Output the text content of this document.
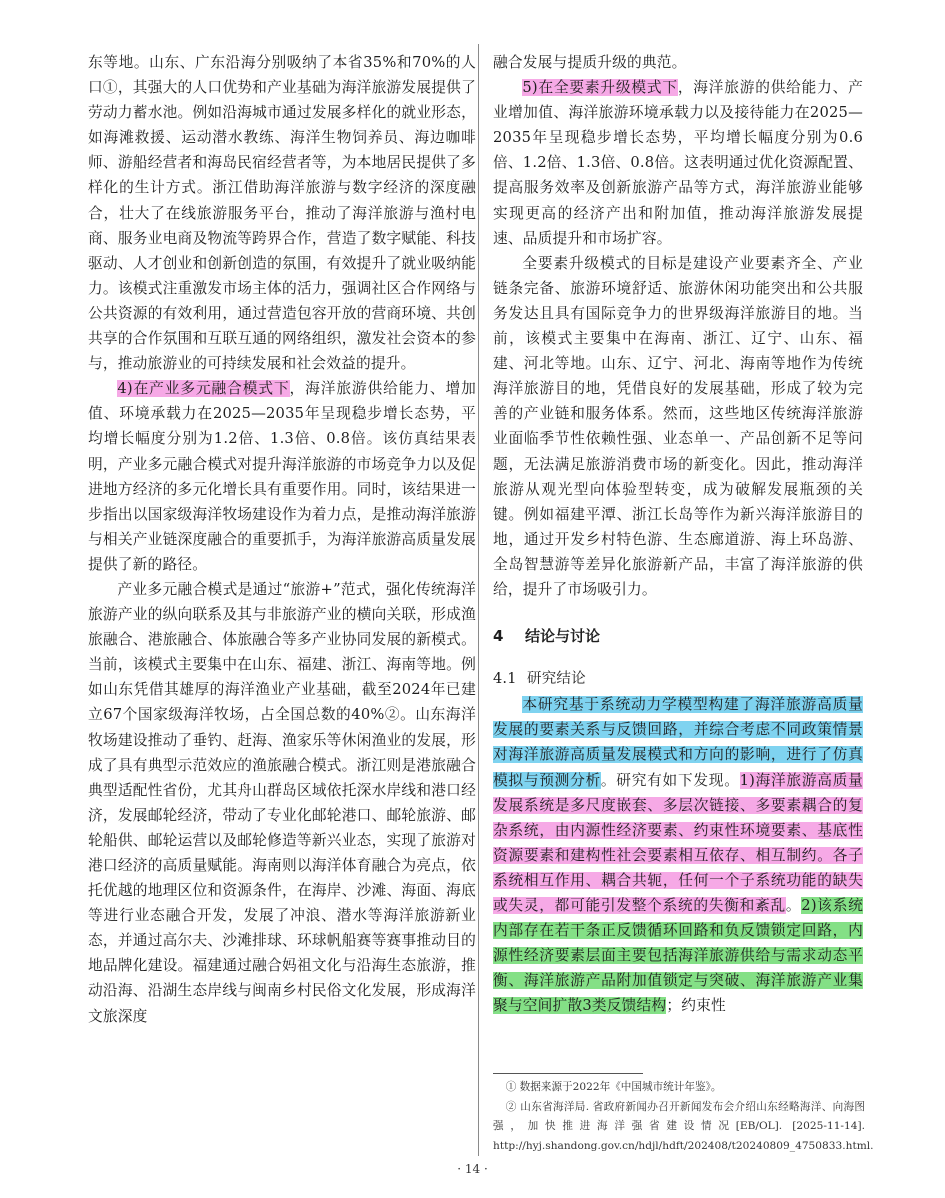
东等地。山东、广东沿海分别吸纳了本省35%和70%的人口①，其强大的人口优势和产业基础为海洋旅游发展提供了劳动力蓄水池。例如沿海城市通过发展多样化的就业形态，如海滩救援、运动潜水教练、海洋生物饲养员、海边咖啡师、游船经营者和海岛民宿经营者等，为本地居民提供了多样化的生计方式。浙江借助海洋旅游与数字经济的深度融合，壮大了在线旅游服务平台，推动了海洋旅游与渔村电商、服务业电商及物流等跨界合作，营造了数字赋能、科技驱动、人才创业和创新创造的氛围，有效提升了就业吸纳能力。该模式注重激发市场主体的活力，强调社区合作网络与公共资源的有效利用，通过营造包容开放的营商环境、共创共享的合作氛围和互联互通的网络组织，激发社会资本的参与，推动旅游业的可持续发展和社会效益的提升。

4)在产业多元融合模式下，海洋旅游供给能力、增加值、环境承载力在2025—2035年呈现稳步增长态势，平均增长幅度分别为1.2倍、1.3倍、0.8倍。该仿真结果表明，产业多元融合模式对提升海洋旅游的市场竞争力以及促进地方经济的多元化增长具有重要作用。同时，该结果进一步指出以国家级海洋牧场建设作为着力点，是推动海洋旅游与相关产业链深度融合的重要抓手，为海洋旅游高质量发展提供了新的路径。

产业多元融合模式是通过“旅游+”范式，强化传统海洋旅游产业的纵向联系及其与非旅游产业的横向关联，形成渔旅融合、港旅融合、体旅融合等多产业协同发展的新模式。当前，该模式主要集中在山东、福建、浙江、海南等地。例如山东凭借其雄厚的海洋渔业产业基础，截至2024年已建立67个国家级海洋牧场，占全国总数的40%②。山东海洋牧场建设推动了垂钓、赶海、渔家乐等休闲渔业的发展，形成了具有典型示范效应的渔旅融合模式。浙江则是港旅融合典型适配性省份，尤其舟山群岛区域依托深水岸线和港口经济，发展邮轮经济，带动了专业化邮轮港口、邮轮旅游、邮轮船供、邮轮运营以及邮轮修造等新兴业态，实现了旅游对港口经济的高质量赋能。海南则以海洋体育融合为亮点，依托优越的地理区位和资源条件，在海岸、沙滩、海面、海底等进行业态融合开发，发展了冲浪、潜水等海洋旅游新业态，并通过高尔夫、沙滩排球、环球帆船赛等赛事推动目的地品牌化建设。福建通过融合妈祖文化与沿海生态旅游，推动沿海、沿湖生态岸线与闽南乡村民俗文化发展，形成海洋文旅深度

融合发展与提质升级的典范。

5)在全要素升级模式下，海洋旅游的供给能力、产业增加值、海洋旅游环境承载力以及接待能力在2025—2035年呈现稳步增长态势，平均增长幅度分别为0.6倍、1.2倍、1.3倍、0.8倍。这表明通过优化资源配置、提高服务效率及创新旅游产品等方式，海洋旅游业能够实现更高的经济产出和附加值，推动海洋旅游发展提速、品质提升和市场扩容。

全要素升级模式的目标是建设产业要素齐全、产业链条完备、旅游环境舒适、旅游休闲功能突出和公共服务发达且具有国际竞争力的世界级海洋旅游目的地。当前，该模式主要集中在海南、浙江、辽宁、山东、福建、河北等地。山东、辽宁、河北、海南等地作为传统海洋旅游目的地，凭借良好的发展基础，形成了较为完善的产业链和服务体系。然而，这些地区传统海洋旅游业面临季节性依赖性强、业态单一、产品创新不足等问题，无法满足旅游消费市场的新变化。因此，推动海洋旅游从观光型向体验型转变，成为破解发展瓶颈的关键。例如福建平潭、浙江长岛等作为新兴海洋旅游目的地，通过开发乡村特色游、生态廊道游、海上环岛游、全岛智慧游等差异化旅游新产品，丰富了海洋旅游的供给，提升了市场吸引力。

4 结论与讨论
4.1 研究结论

本研究基于系统动力学模型构建了海洋旅游高质量发展的要素关系与反馈回路，并综合考虑不同政策情景对海洋旅游高质量发展模式和方向的影响，进行了仿真模拟与预测分析。研究有如下发现。1)海洋旅游高质量发展系统是多尺度嵌套、多层次链接、多要素耦合的复杂系统，由内源性经济要素、约束性环境要素、基底性资源要素和建构性社会要素相互依存、相互制约。各子系统相互作用、耦合共轭，任何一个子系统功能的缺失或失灵，都可能引发整个系统的失衡和紊乱。2)该系统内部存在若干条正反馈循环回路和负反馈锁定回路，内源性经济要素层面主要包括海洋旅游供给与需求动态平衡、海洋旅游产品附加值锁定与突破、海洋旅游产业集聚与空间扩散3类反馈结构；约束性

① 数据来源于2022年《中国城市统计年鉴》。

② 山东省海洋局. 省政府新闻办召开新闻发布会介绍山东经略海洋、向海图强，加快推进海洋强省建设情况[EB/OL]. [2025-11-14]. http://hyj.shandong.gov.cn/hdjl/hdft/202408/t20240809_4750833.html.

· 14 ·
